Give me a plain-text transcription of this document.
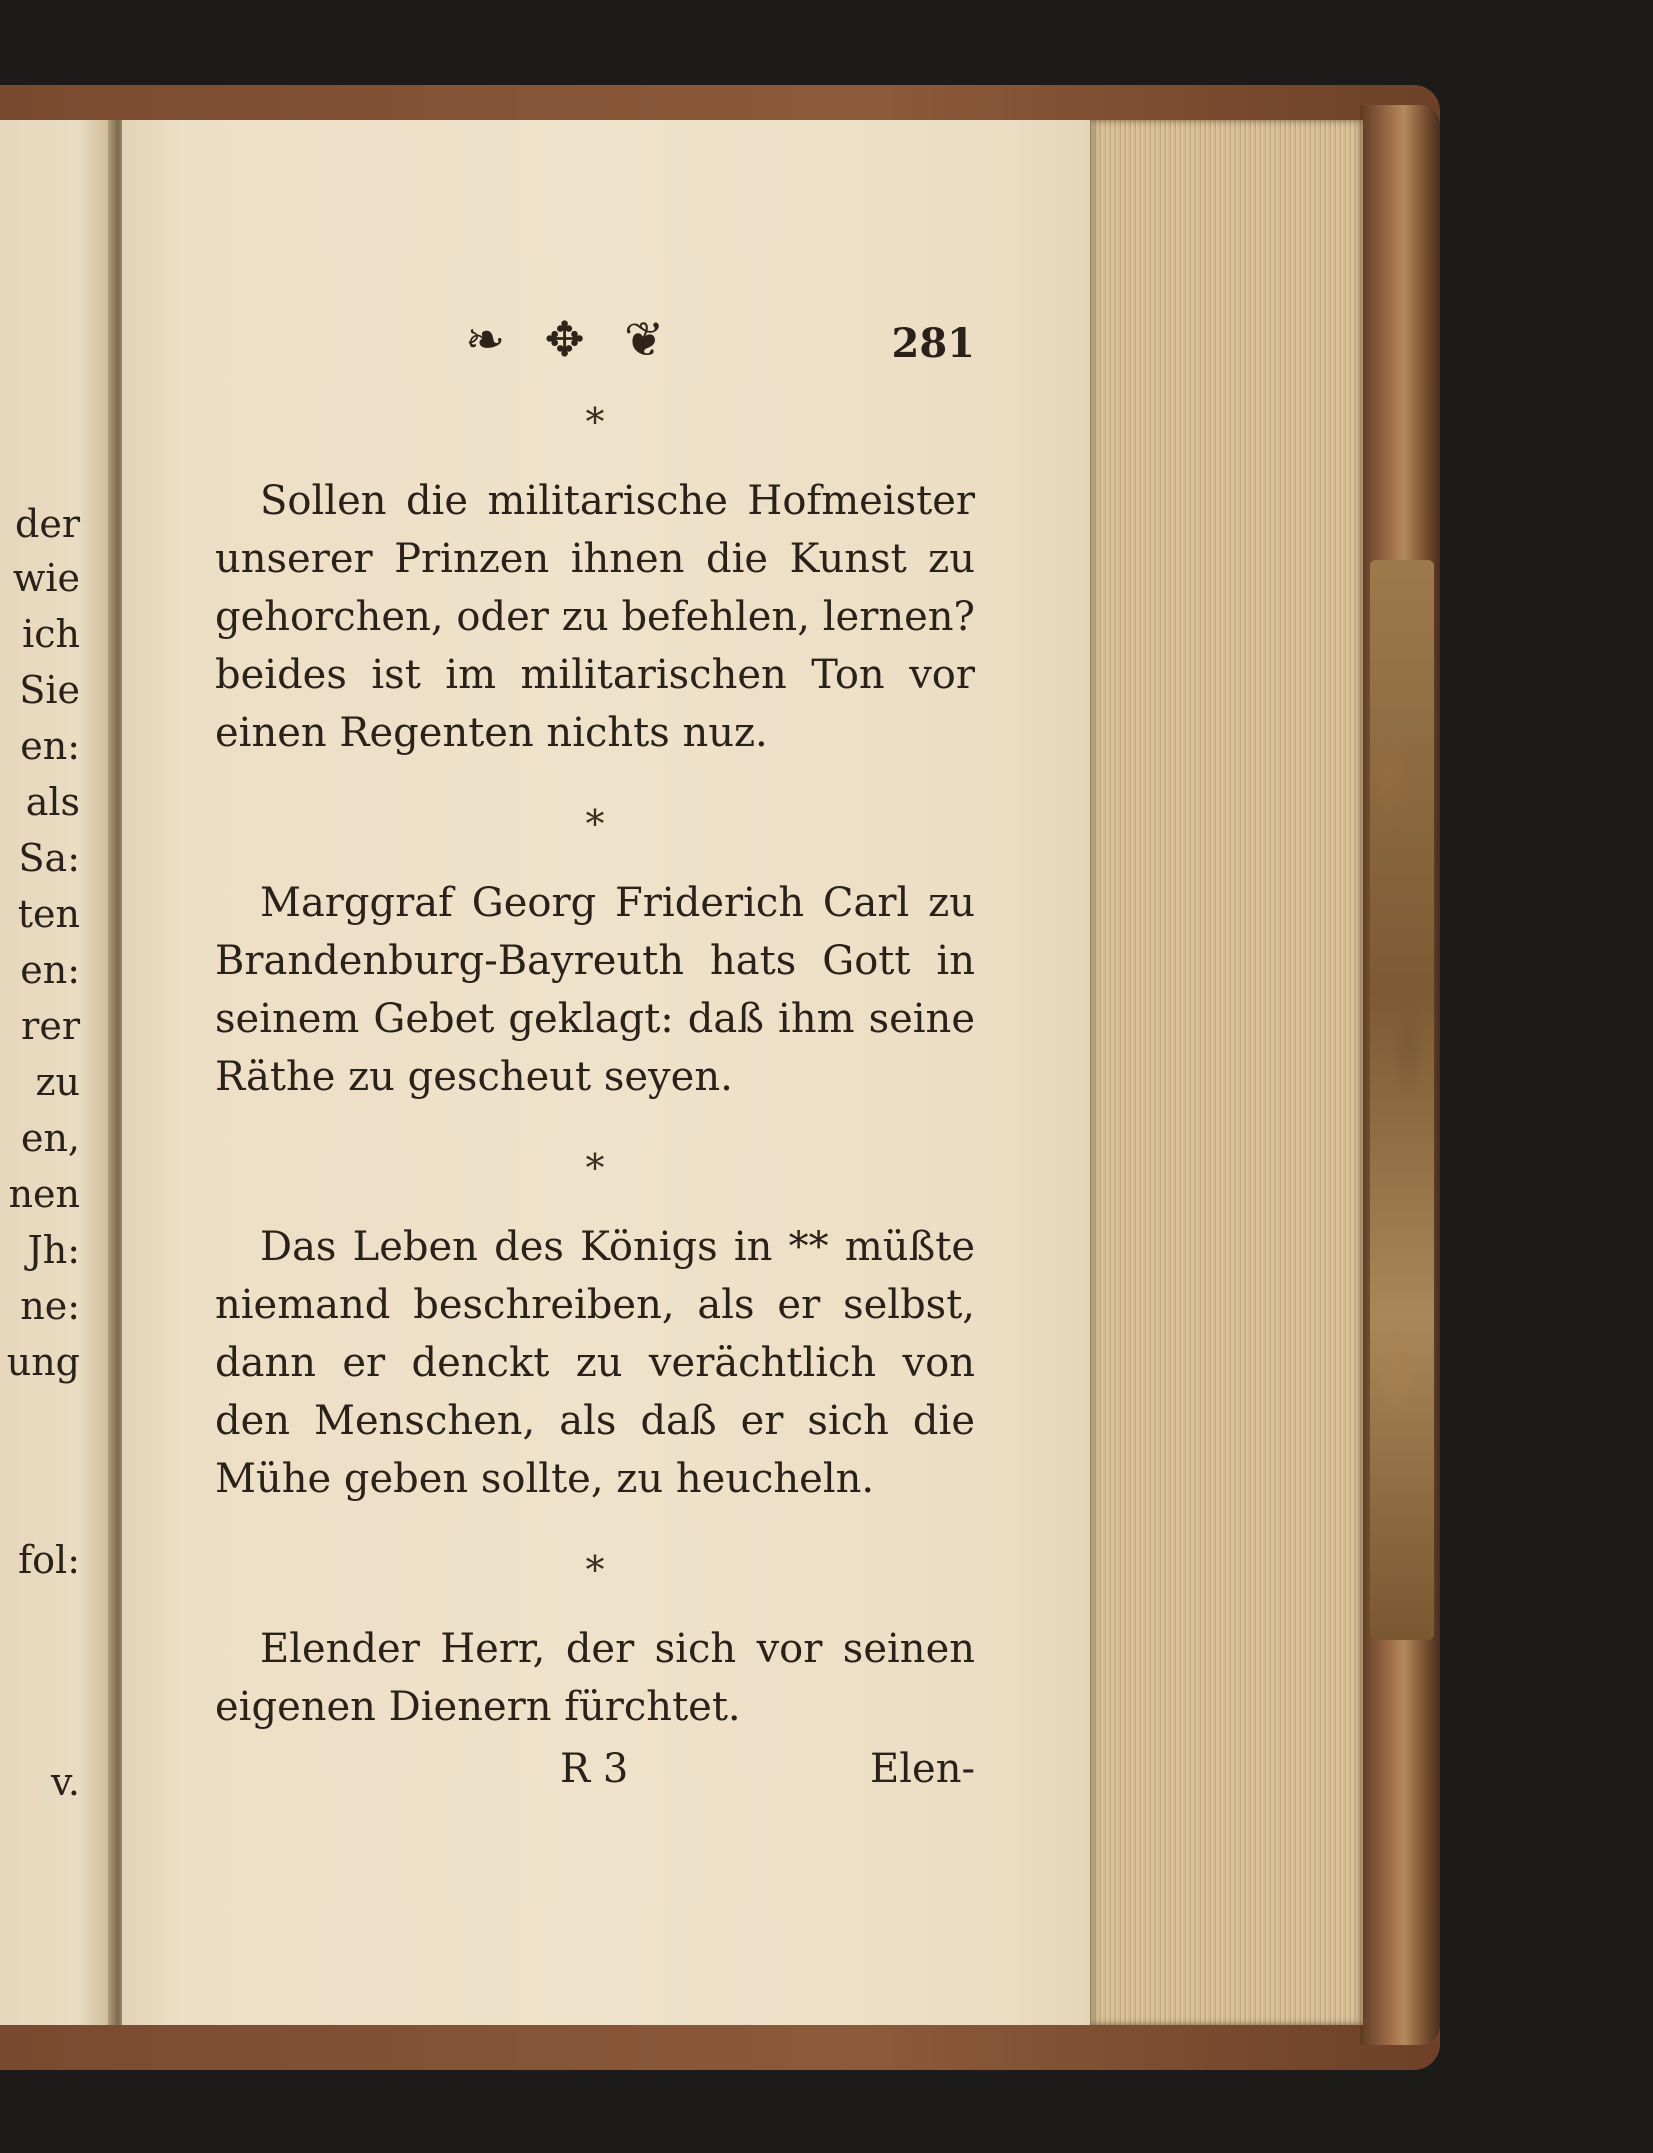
der
wie
ich
Sie
en:
als
Sa:
ten
en:
rer
zu
en,
nen
Jh:
ne:
ung
fol:
v.
❧ ✥ ❦	281
*

Sollen die militarische Hofmeister unserer Prinzen ihnen die Kunst zu gehorchen, oder zu befehlen, lernen? beides ist im militarischen Ton vor einen Regenten nichts nuz.

*

Marggraf Georg Friderich Carl zu Brandenburg-Bayreuth hats Gott in seinem Gebet geklagt: daß ihm seine Räthe zu gescheut seyen.

*

Das Leben des Königs in ** müßte niemand beschreiben, als er selbst, dann er denckt zu verächtlich von den Menschen, als daß er sich die Mühe geben sollte, zu heucheln.

*

Elender Herr, der sich vor seinen eigenen Dienern fürchtet.

R 3	Elen-
